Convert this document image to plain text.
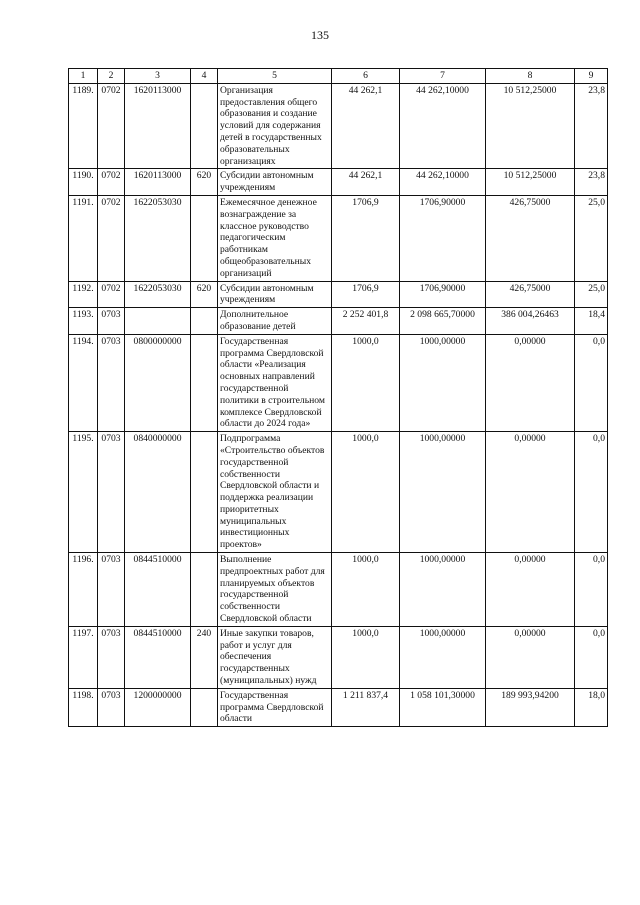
135
1	2	3	4	5	6	7	8	9
1189.	0702	1620113000		Организация предоставления общего образования и создание условий для содержания детей в государственных образовательных организациях	44 262,1	44 262,10000	10 512,25000	23,8
1190.	0702	1620113000	620	Субсидии автономным учреждениям	44 262,1	44 262,10000	10 512,25000	23,8
1191.	0702	1622053030		Ежемесячное денежное вознаграждение за классное руководство педагогическим работникам общеобразовательных организаций	1706,9	1706,90000	426,75000	25,0
1192.	0702	1622053030	620	Субсидии автономным учреждениям	1706,9	1706,90000	426,75000	25,0
1193.	0703			Дополнительное образование детей	2 252 401,8	2 098 665,70000	386 004,26463	18,4
1194.	0703	0800000000		Государственная программа Свердловской области «Реализация основных направлений государственной политики в строительном комплексе Свердловской области до 2024 года»	1000,0	1000,00000	0,00000	0,0
1195.	0703	0840000000		Подпрограмма «Строительство объектов государственной собственности Свердловской области и поддержка реализации приоритетных муниципальных инвестиционных проектов»	1000,0	1000,00000	0,00000	0,0
1196.	0703	0844510000		Выполнение предпроектных работ для планируемых объектов государственной собственности Свердловской области	1000,0	1000,00000	0,00000	0,0
1197.	0703	0844510000	240	Иные закупки товаров, работ и услуг для обеспечения государственных (муниципальных) нужд	1000,0	1000,00000	0,00000	0,0
1198.	0703	1200000000		Государственная программа Свердловской области	1 211 837,4	1 058 101,30000	189 993,94200	18,0
